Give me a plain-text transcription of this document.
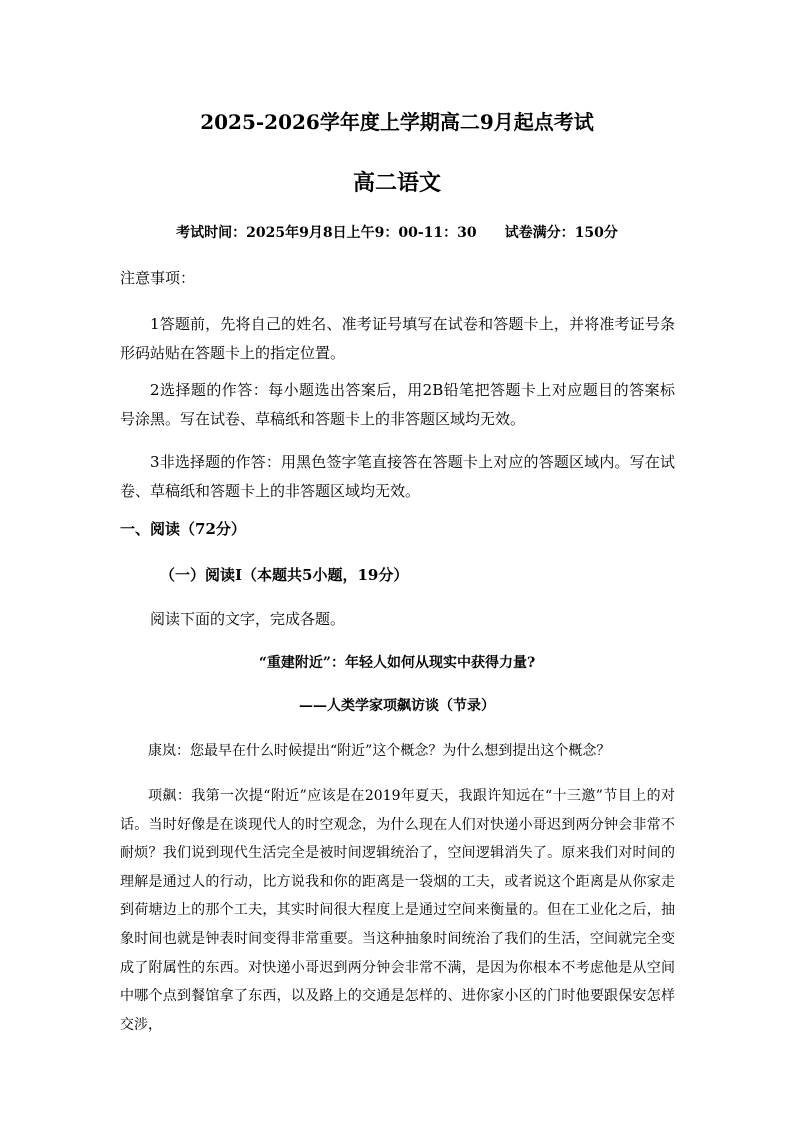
2025-2026学年度上学期高二9月起点考试
高二语文
考试时间：2025年9月8日上午9：00-11：30 试卷满分：150分
注意事项：
1答题前，先将自己的姓名、准考证号填写在试卷和答题卡上，并将准考证号条形码站贴在答题卡上的指定位置。
2选择题的作答：每小题选出答案后，用2B铅笔把答题卡上对应题目的答案标号涂黑。写在试卷、草稿纸和答题卡上的非答题区域均无效。
3非选择题的作答：用黑色签字笔直接答在答题卡上对应的答题区域内。写在试卷、草稿纸和答题卡上的非答题区域均无效。
一、阅读（72分）
（一）阅读Ⅰ（本题共5小题，19分）
阅读下面的文字，完成各题。
“重建附近”：年轻人如何从现实中获得力量?
——人类学家项飙访谈（节录）
康岚：您最早在什么时候提出“附近”这个概念？为什么想到提出这个概念？
项飙：我第一次提“附近”应该是在2019年夏天，我跟许知远在“十三邀”节目上的对话。当时好像是在谈现代人的时空观念，为什么现在人们对快递小哥迟到两分钟会非常不耐烦？我们说到现代生活完全是被时间逻辑统治了，空间逻辑消失了。原来我们对时间的理解是通过人的行动，比方说我和你的距离是一袋烟的工夫，或者说这个距离是从你家走到荷塘边上的那个工夫，其实时间很大程度上是通过空间来衡量的。但在工业化之后，抽象时间也就是钟表时间变得非常重要。当这种抽象时间统治了我们的生活，空间就完全变成了附属性的东西。对快递小哥迟到两分钟会非常不满，是因为你根本不考虑他是从空间中哪个点到餐馆拿了东西，以及路上的交通是怎样的、进你家小区的门时他要跟保安怎样交涉，
